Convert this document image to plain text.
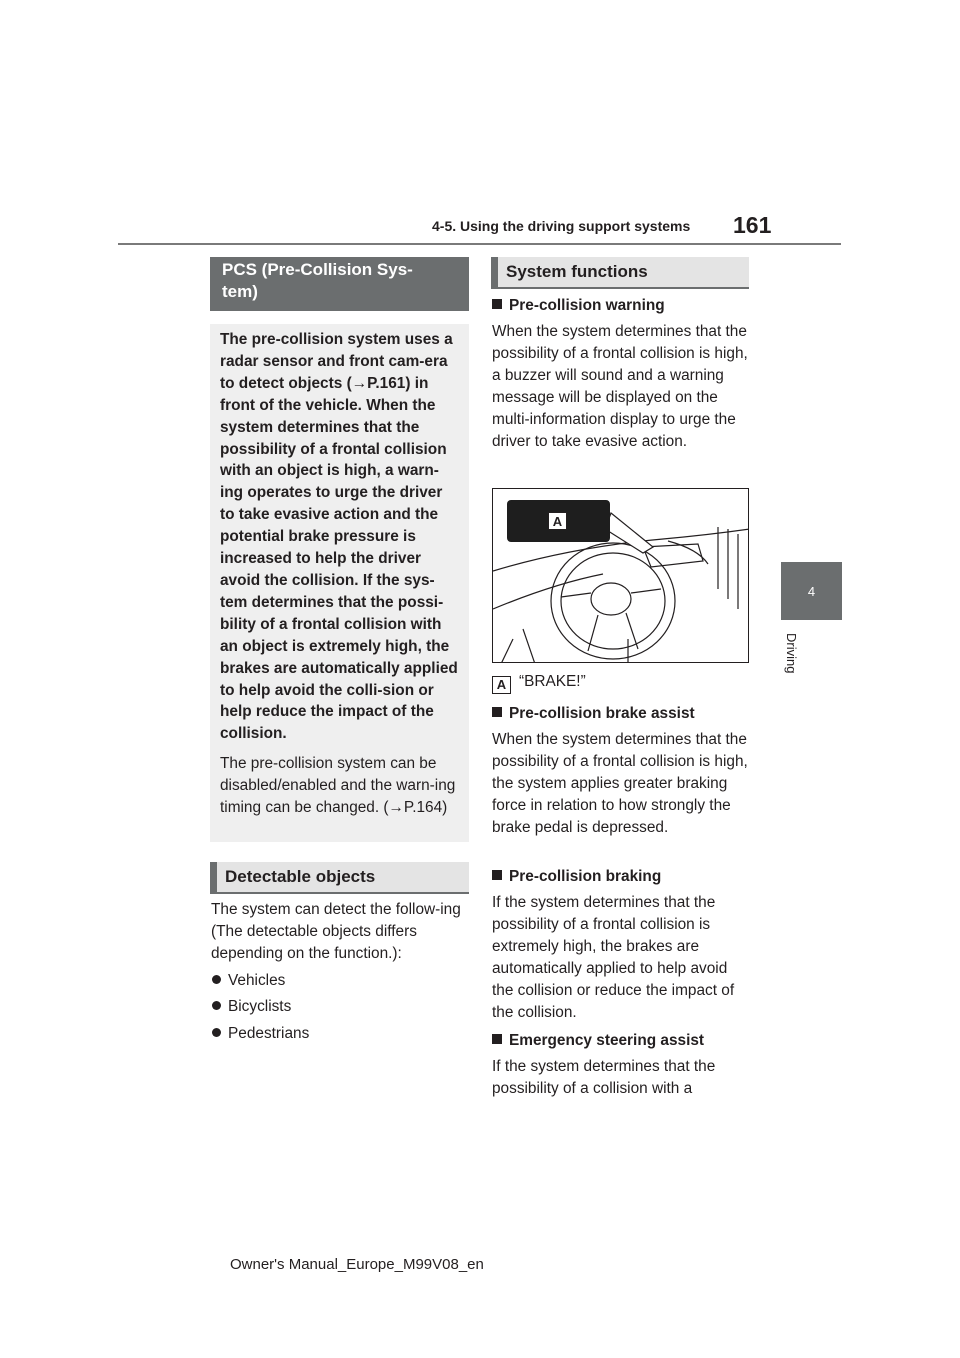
4-5. Using the driving support systems 161
4
Driving
PCS (Pre-Collision Sys-
tem)
The pre-collision system uses a radar sensor and front cam-era to detect objects (→P.161) in front of the vehicle. When the system determines that the possibility of a frontal collision with an object is high, a warn-ing operates to urge the driver to take evasive action and the potential brake pressure is increased to help the driver avoid the collision. If the sys-tem determines that the possi-bility of a frontal collision with an object is extremely high, the brakes are automatically applied to help avoid the colli-sion or help reduce the impact of the collision.
The pre-collision system can be disabled/enabled and the warn-ing timing can be changed. (→P.164)
Detectable objects
The system can detect the follow-ing (The detectable objects differs depending on the function.):
Vehicles
Bicyclists
Pedestrians
System functions
Pre-collision warning
When the system determines that the possibility of a frontal collision is high, a buzzer will sound and a warning message will be displayed on the multi-information display to urge the driver to take evasive action.
A
A “BRAKE!”
Pre-collision brake assist
When the system determines that the possibility of a frontal collision is high, the system applies greater braking force in relation to how strongly the brake pedal is depressed.
Pre-collision braking
If the system determines that the possibility of a frontal collision is extremely high, the brakes are automatically applied to help avoid the collision or reduce the impact of the collision.
Emergency steering assist
If the system determines that the possibility of a collision with a
Owner's Manual_Europe_M99V08_en
